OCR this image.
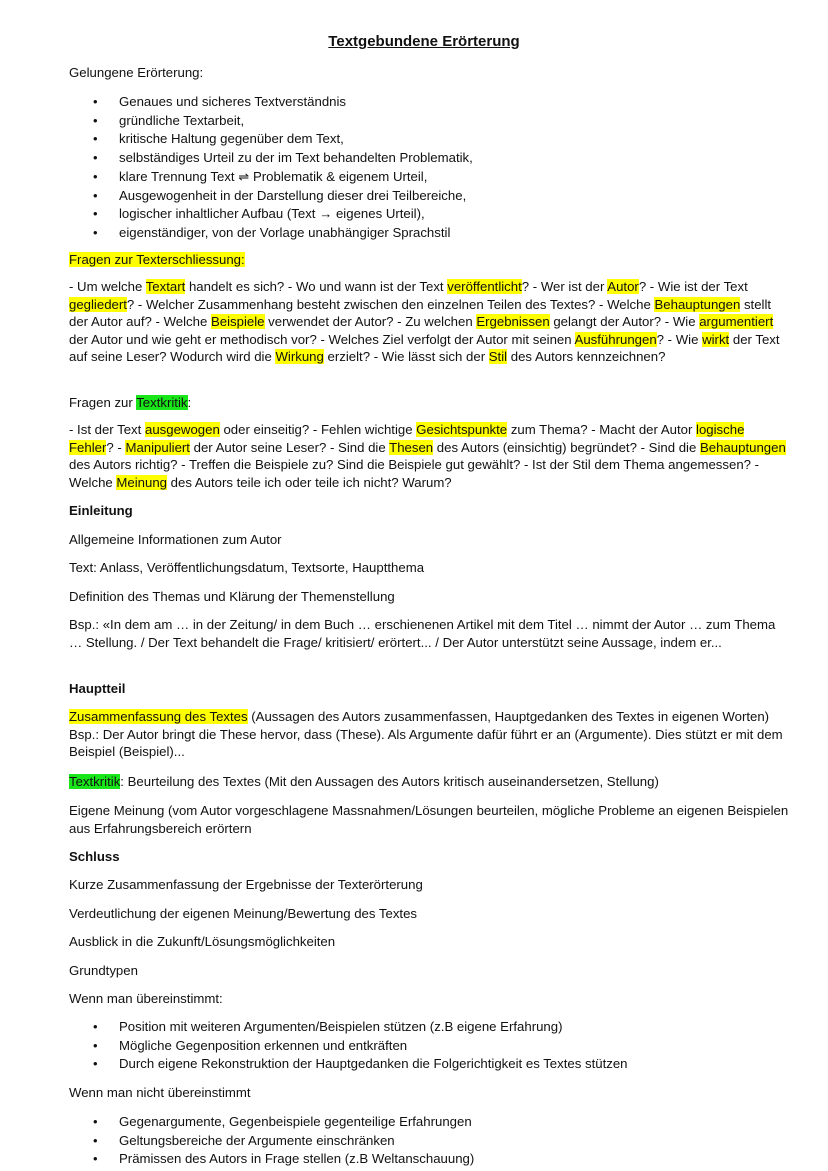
Textgebundene Erörterung
Gelungene Erörterung:
• Genaues und sicheres Textverständnis
• gründliche Textarbeit,
• kritische Haltung gegenüber dem Text,
• selbständiges Urteil zu der im Text behandelten Problematik,
• klare Trennung Text ⇌ Problematik & eigenem Urteil,
• Ausgewogenheit in der Darstellung dieser drei Teilbereiche,
• logischer inhaltlicher Aufbau (Text → eigenes Urteil),
• eigenständiger, von der Vorlage unabhängiger Sprachstil
Fragen zur Texterschliessung:
- Um welche Textart handelt es sich? - Wo und wann ist der Text veröffentlicht? - Wer ist der Autor? - Wie ist der Text gegliedert? - Welcher Zusammenhang besteht zwischen den einzelnen Teilen des Textes? - Welche Behauptungen stellt der Autor auf? - Welche Beispiele verwendet der Autor? - Zu welchen Ergebnissen gelangt der Autor? - Wie argumentiert der Autor und wie geht er methodisch vor? - Welches Ziel verfolgt der Autor mit seinen Ausführungen? - Wie wirkt der Text auf seine Leser? Wodurch wird die Wirkung erzielt? - Wie lässt sich der Stil des Autors kennzeichnen?
Fragen zur Textkritik:
- Ist der Text ausgewogen oder einseitig? - Fehlen wichtige Gesichtspunkte zum Thema? - Macht der Autor logische Fehler? - Manipuliert der Autor seine Leser? - Sind die Thesen des Autors (einsichtig) begründet? - Sind die Behauptungen des Autors richtig? - Treffen die Beispiele zu? Sind die Beispiele gut gewählt? - Ist der Stil dem Thema angemessen? - Welche Meinung des Autors teile ich oder teile ich nicht? Warum?
Einleitung
Allgemeine Informationen zum Autor
Text: Anlass, Veröffentlichungsdatum, Textsorte, Hauptthema
Definition des Themas und Klärung der Themenstellung
Bsp.: «In dem am … in der Zeitung/ in dem Buch … erschienenen Artikel mit dem Titel … nimmt der Autor … zum Thema … Stellung. / Der Text behandelt die Frage/ kritisiert/ erörtert... / Der Autor unterstützt seine Aussage, indem er...
Hauptteil
Zusammenfassung des Textes (Aussagen des Autors zusammenfassen, Hauptgedanken des Textes in eigenen Worten) Bsp.: Der Autor bringt die These hervor, dass (These). Als Argumente dafür führt er an (Argumente). Dies stützt er mit dem Beispiel (Beispiel)...
Textkritik: Beurteilung des Textes (Mit den Aussagen des Autors kritisch auseinandersetzen, Stellung)
Eigene Meinung (vom Autor vorgeschlagene Massnahmen/Lösungen beurteilen, mögliche Probleme an eigenen Beispielen aus Erfahrungsbereich erörtern
Schluss
Kurze Zusammenfassung der Ergebnisse der Texterörterung
Verdeutlichung der eigenen Meinung/Bewertung des Textes
Ausblick in die Zukunft/Lösungsmöglichkeiten
Grundtypen
Wenn man übereinstimmt:
• Position mit weiteren Argumenten/Beispielen stützen (z.B eigene Erfahrung)
• Mögliche Gegenposition erkennen und entkräften
• Durch eigene Rekonstruktion der Hauptgedanken die Folgerichtigkeit es Textes stützen
Wenn man nicht übereinstimmt
• Gegenargumente, Gegenbeispiele gegenteilige Erfahrungen
• Geltungsbereiche der Argumente einschränken
• Prämissen des Autors in Frage stellen (z.B Weltanschauung)
